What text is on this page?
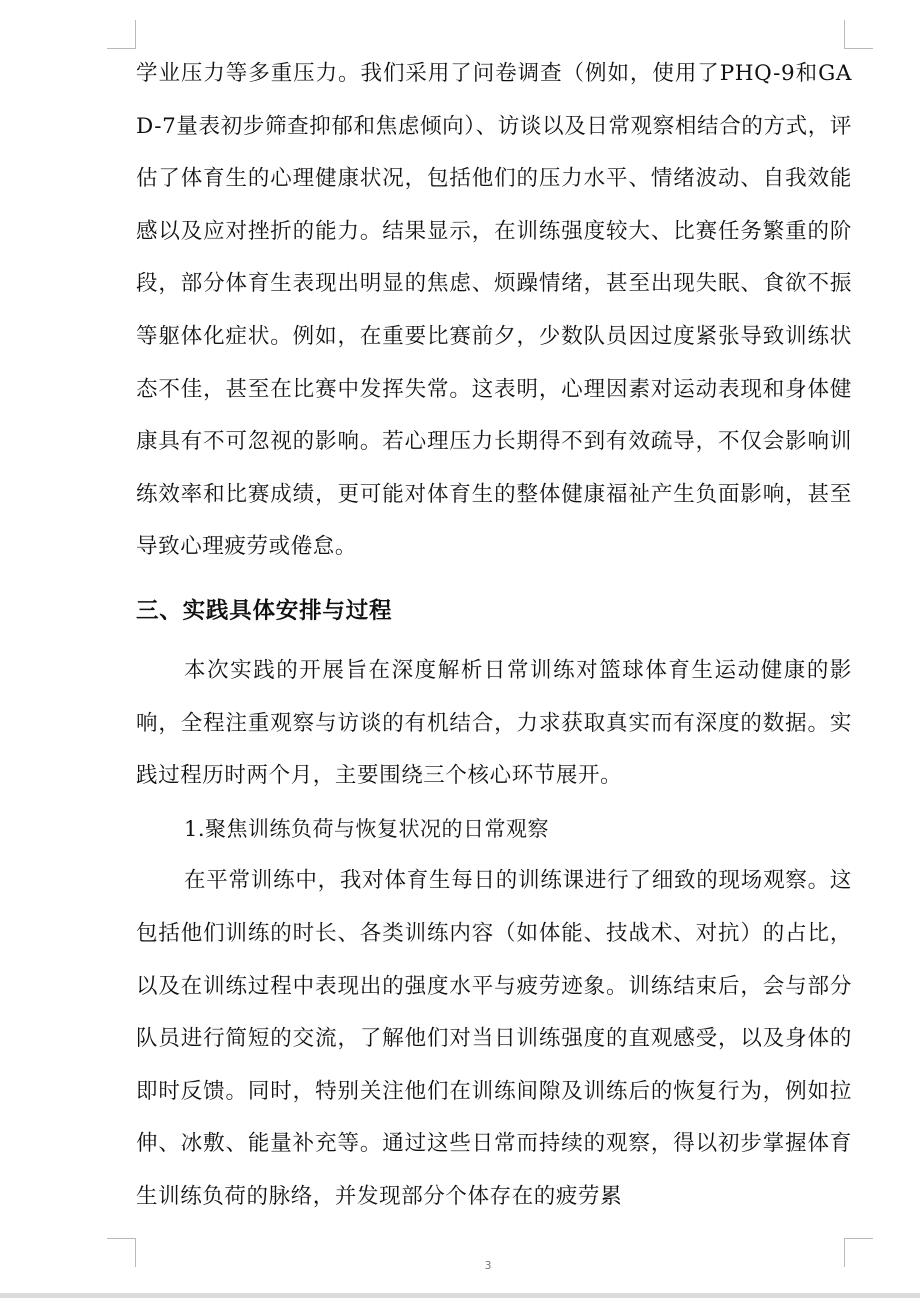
学业压力等多重压力。我们采用了问卷调查（例如，使用了PHQ-9和GAD-7量表初步筛查抑郁和焦虑倾向）、访谈以及日常观察相结合的方式，评估了体育生的心理健康状况，包括他们的压力水平、情绪波动、自我效能感以及应对挫折的能力。结果显示，在训练强度较大、比赛任务繁重的阶段，部分体育生表现出明显的焦虑、烦躁情绪，甚至出现失眠、食欲不振等躯体化症状。例如，在重要比赛前夕，少数队员因过度紧张导致训练状态不佳，甚至在比赛中发挥失常。这表明，心理因素对运动表现和身体健康具有不可忽视的影响。若心理压力长期得不到有效疏导，不仅会影响训练效率和比赛成绩，更可能对体育生的整体健康福祉产生负面影响，甚至导致心理疲劳或倦怠。

三、实践具体安排与过程

本次实践的开展旨在深度解析日常训练对篮球体育生运动健康的影响，全程注重观察与访谈的有机结合，力求获取真实而有深度的数据。实践过程历时两个月，主要围绕三个核心环节展开。

1.聚焦训练负荷与恢复状况的日常观察

在平常训练中，我对体育生每日的训练课进行了细致的现场观察。这包括他们训练的时长、各类训练内容（如体能、技战术、对抗）的占比，以及在训练过程中表现出的强度水平与疲劳迹象。训练结束后，会与部分队员进行简短的交流，了解他们对当日训练强度的直观感受，以及身体的即时反馈。同时，特别关注他们在训练间隙及训练后的恢复行为，例如拉伸、冰敷、能量补充等。通过这些日常而持续的观察，得以初步掌握体育生训练负荷的脉络，并发现部分个体存在的疲劳累

3
